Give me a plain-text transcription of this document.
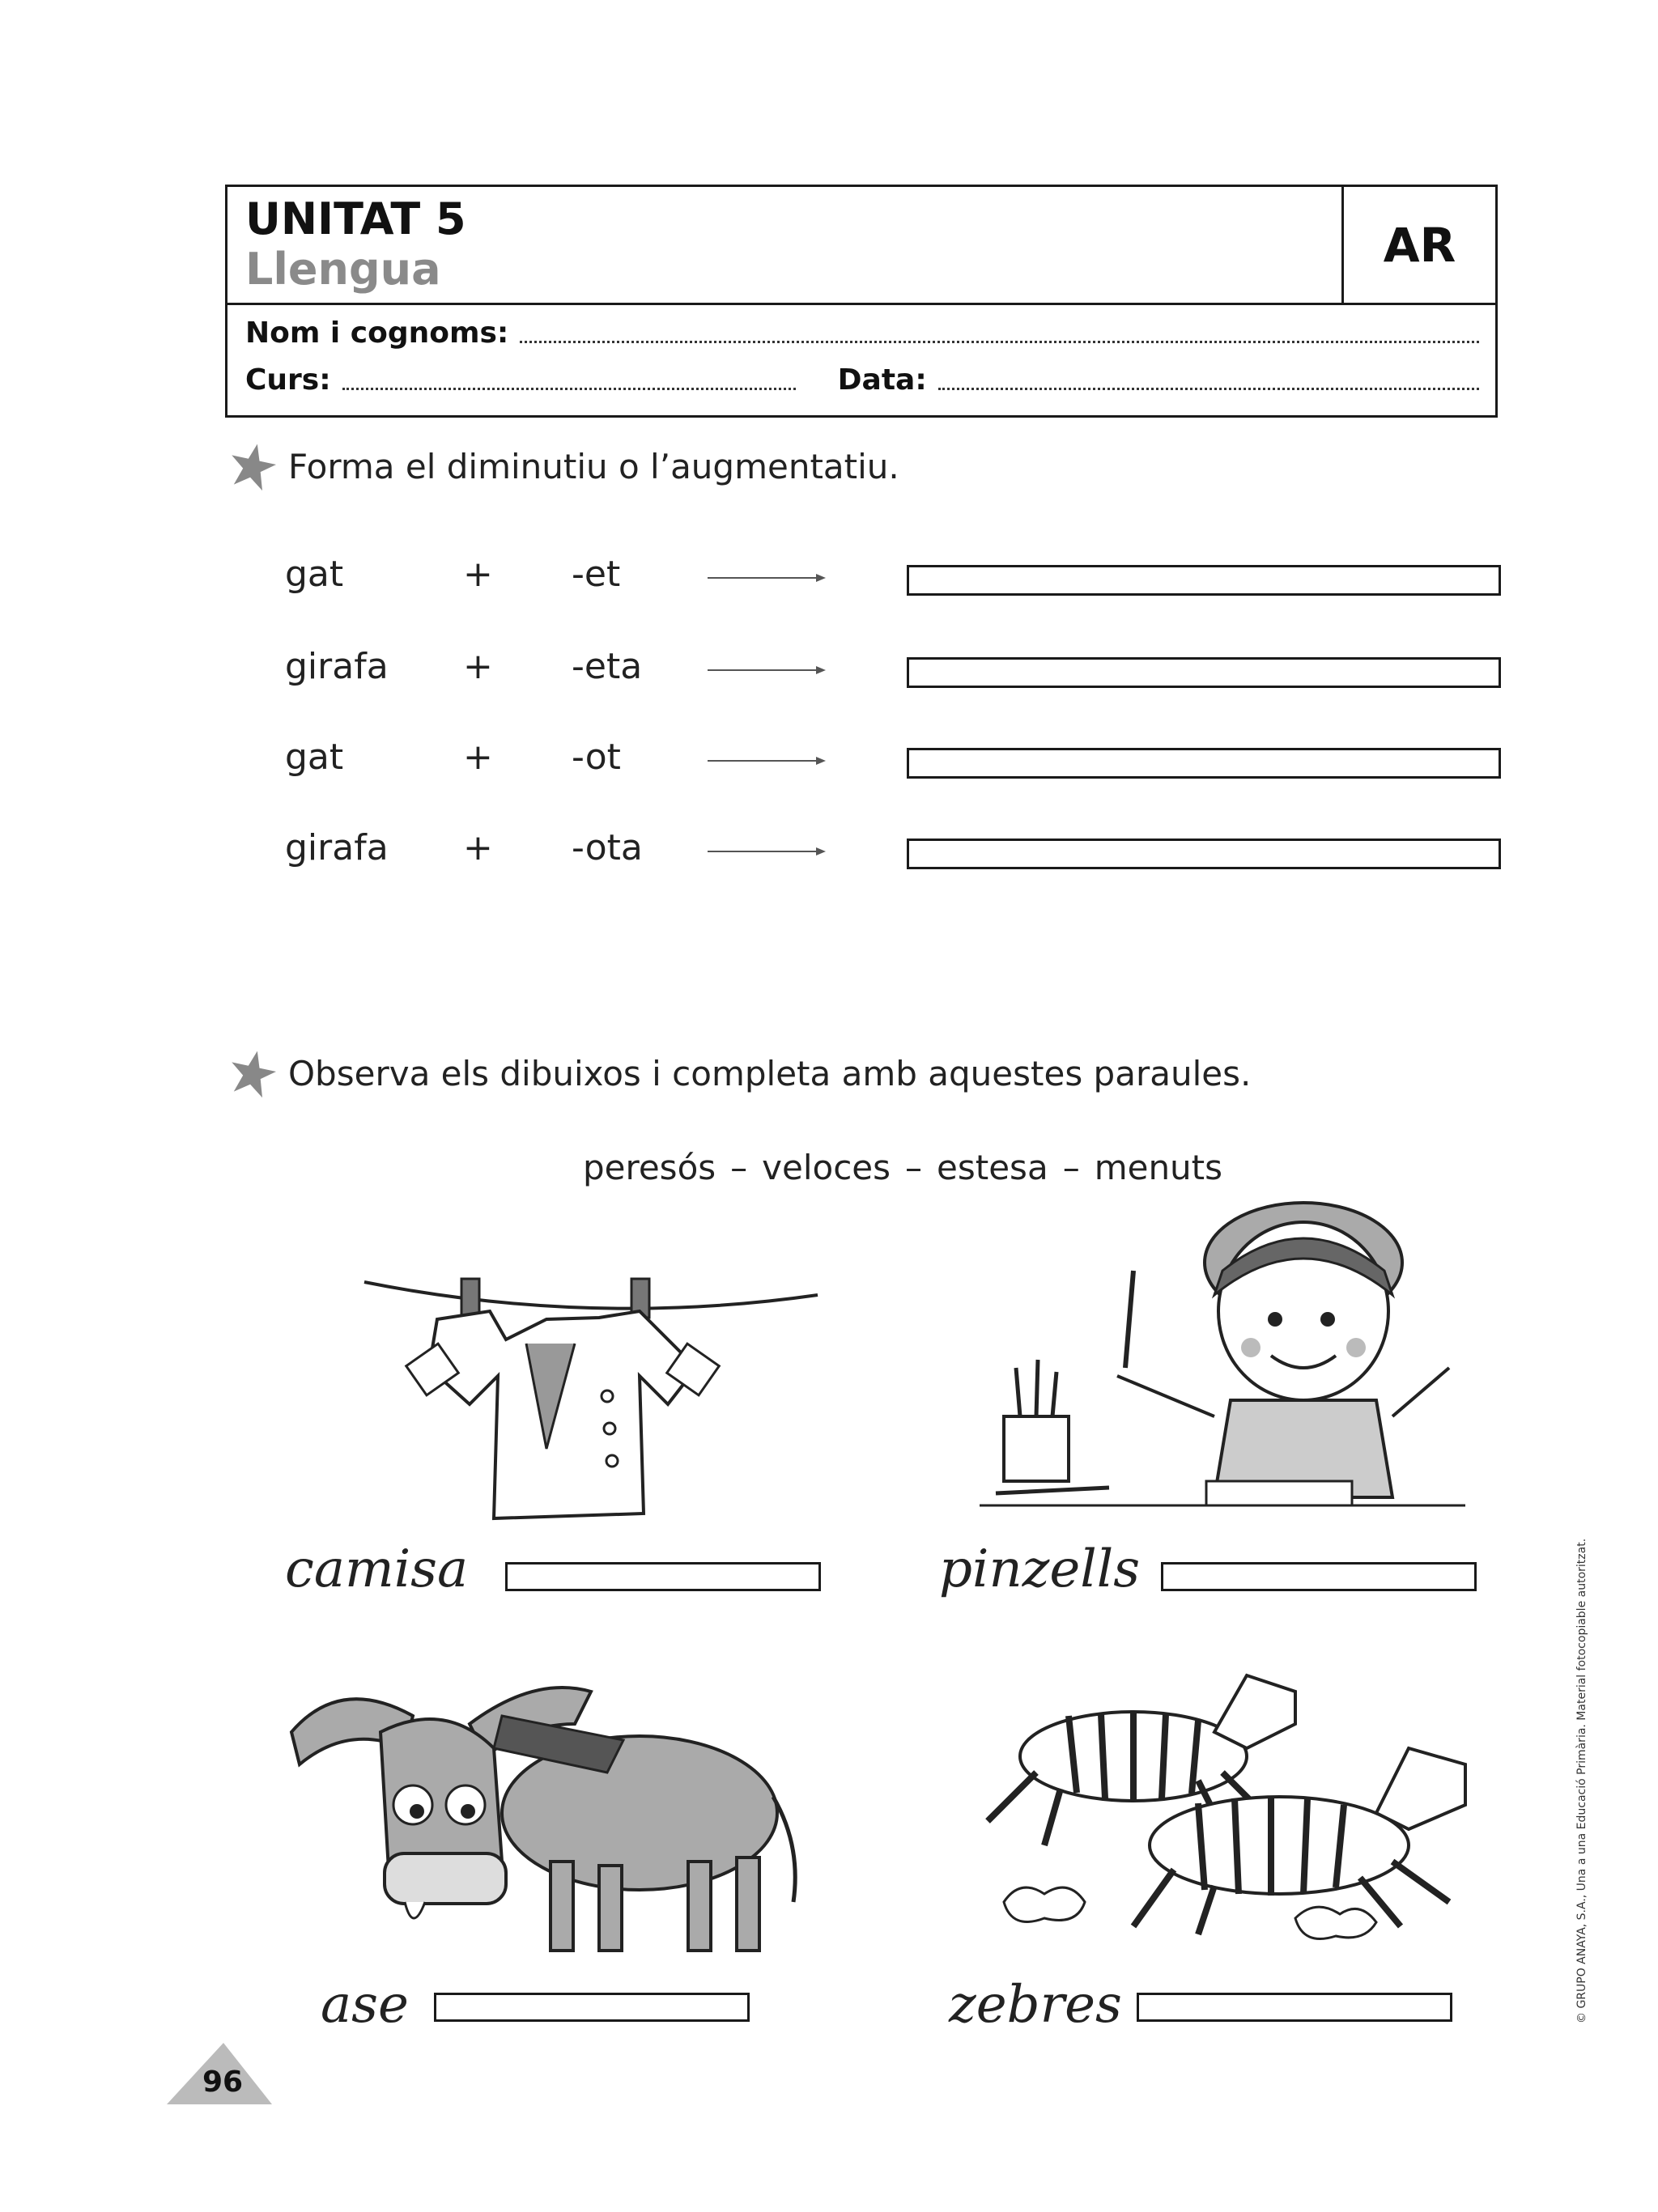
UNITAT 5
Llengua	AR
Nom i cognoms:
Curs:	Data:
Forma el diminutiu o l’augmentatiu.
gat	+ -et
girafa + -eta
gat	+ -ot
girafa + -ota
Observa els dibuixos i completa amb aquestes paraules.
peresós – veloces – estesa – menuts
camisa	pinzells
ase	zebres
96
© GRUPO ANAYA, S.A., Una a una Educació Primària. Material fotocopiable autoritzat.
